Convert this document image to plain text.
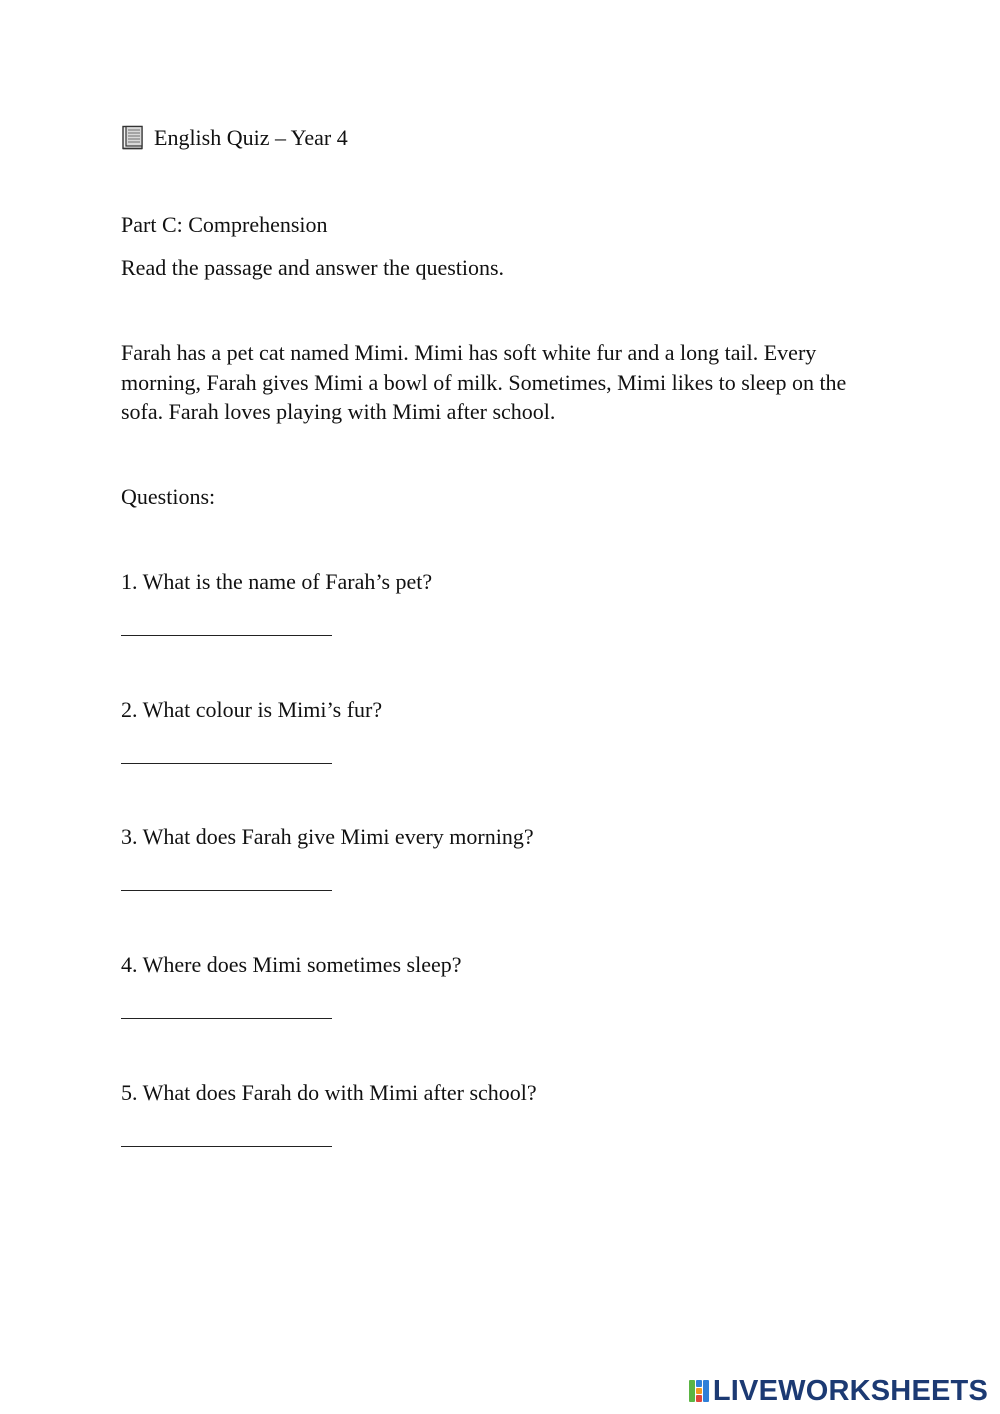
English Quiz – Year 4
Part C: Comprehension
Read the passage and answer the questions.
Farah has a pet cat named Mimi. Mimi has soft white fur and a long tail. Every morning, Farah gives Mimi a bowl of milk. Sometimes, Mimi likes to sleep on the sofa. Farah loves playing with Mimi after school.
Questions:
1. What is the name of Farah’s pet?
2. What colour is Mimi’s fur?
3. What does Farah give Mimi every morning?
4. Where does Mimi sometimes sleep?
5. What does Farah do with Mimi after school?
LIVEWORKSHEETS
